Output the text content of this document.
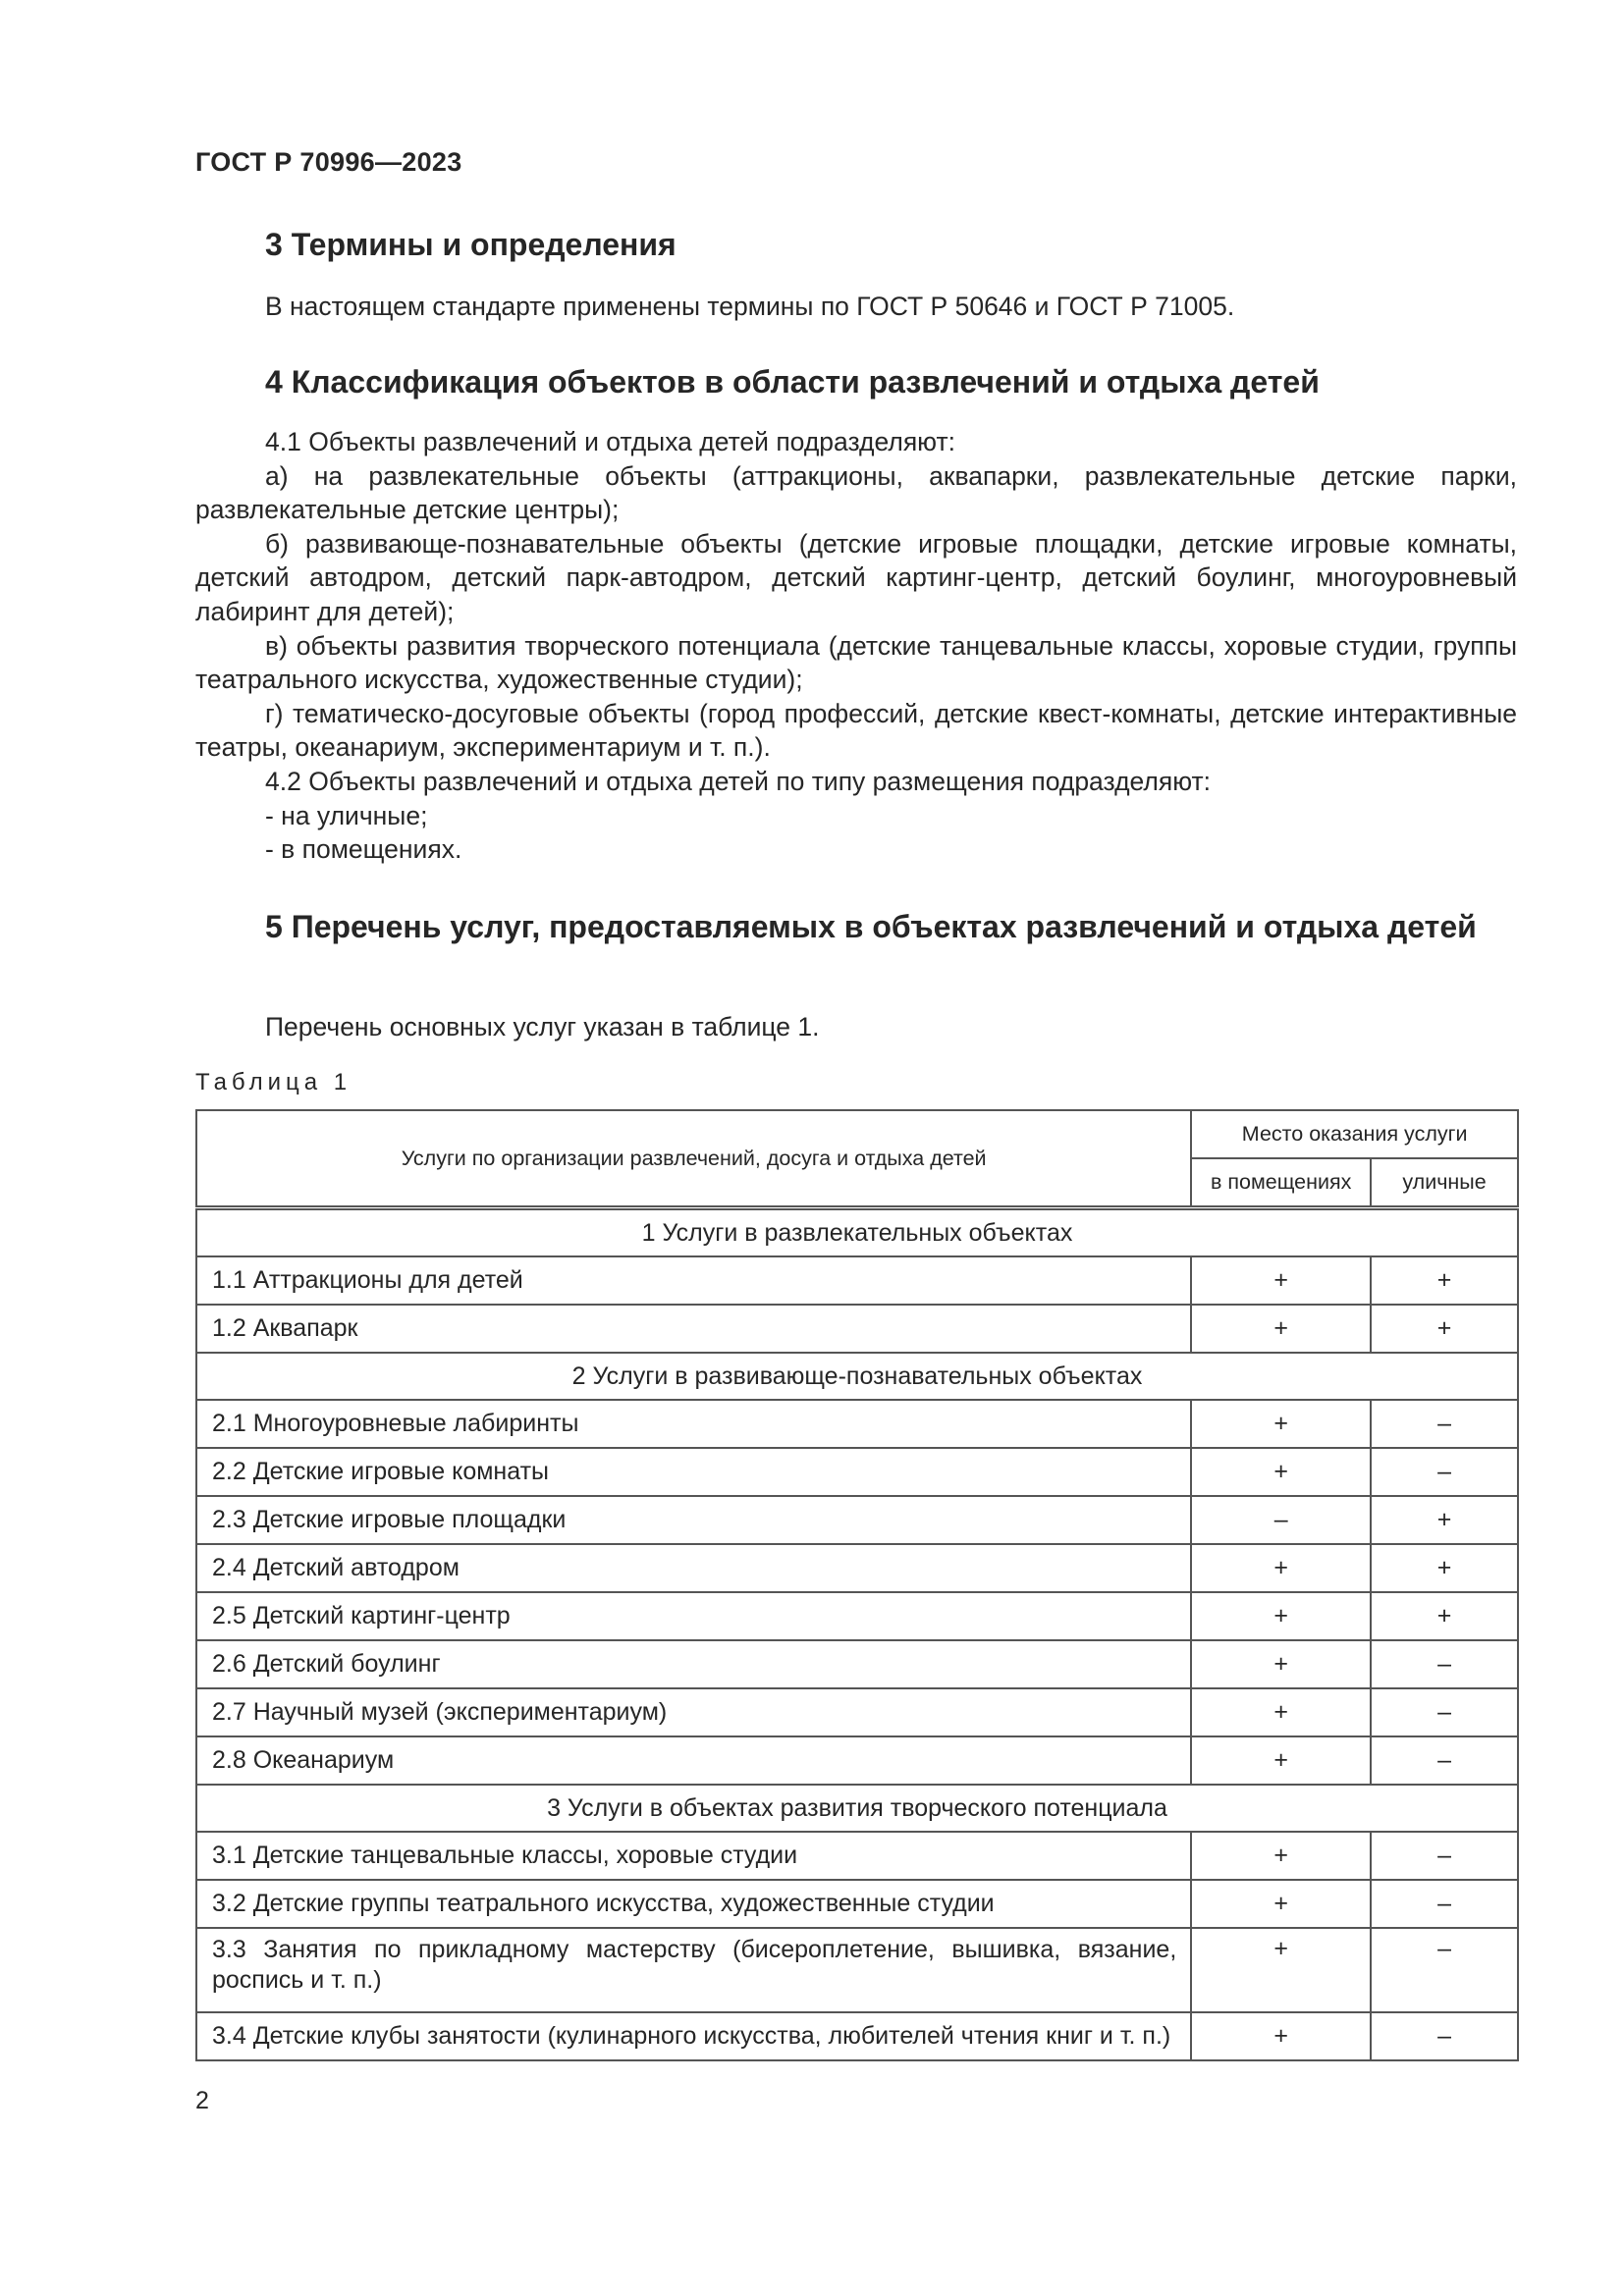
ГОСТ Р 70996—2023
3 Термины и определения

В настоящем стандарте применены термины по ГОСТ Р 50646 и ГОСТ Р 71005.

4 Классификация объектов в области развлечений и отдыха детей

4.1 Объекты развлечений и отдыха детей подразделяют:

а) на развлекательные объекты (аттракционы, аквапарки, развлекательные детские парки, развлекательные детские центры);

б) развивающе-познавательные объекты (детские игровые площадки, детские игровые комнаты, детский автодром, детский парк-автодром, детский картинг-центр, детский боулинг, многоуровневый лабиринт для детей);

в) объекты развития творческого потенциала (детские танцевальные классы, хоровые студии, группы театрального искусства, художественные студии);

г) тематическо-досуговые объекты (город профессий, детские квест-комнаты, детские интерактивные театры, океанариум, экспериментариум и т. п.).

4.2 Объекты развлечений и отдыха детей по типу размещения подразделяют:

- на уличные;

- в помещениях.

5 Перечень услуг, предоставляемых в объектах развлечений и отдыха детей

Перечень основных услуг указан в таблице 1.

Таблица 1
Услуги по организации развлечений, досуга и отдыха детей	Место оказания услуги	
	в помещениях	уличные
1 Услуги в развлекательных объектах		
1.1 Аттракционы для детей	+	+
1.2 Аквапарк	+	+
2 Услуги в развивающе-познавательных объектах		
2.1 Многоуровневые лабиринты	+	–
2.2 Детские игровые комнаты	+	–
2.3 Детские игровые площадки	–	+
2.4 Детский автодром	+	+
2.5 Детский картинг-центр	+	+
2.6 Детский боулинг	+	–
2.7 Научный музей (экспериментариум)	+	–
2.8 Океанариум	+	–
3 Услуги в объектах развития творческого потенциала		
3.1 Детские танцевальные классы, хоровые студии	+	–
3.2 Детские группы театрального искусства, художественные студии	+	–
3.3 Занятия по прикладному мастерству (бисероплетение, вышивка, вязание, роспись и т. п.)	+	–
3.4 Детские клубы занятости (кулинарного искусства, любителей чтения книг и т. п.)	+	–
2
